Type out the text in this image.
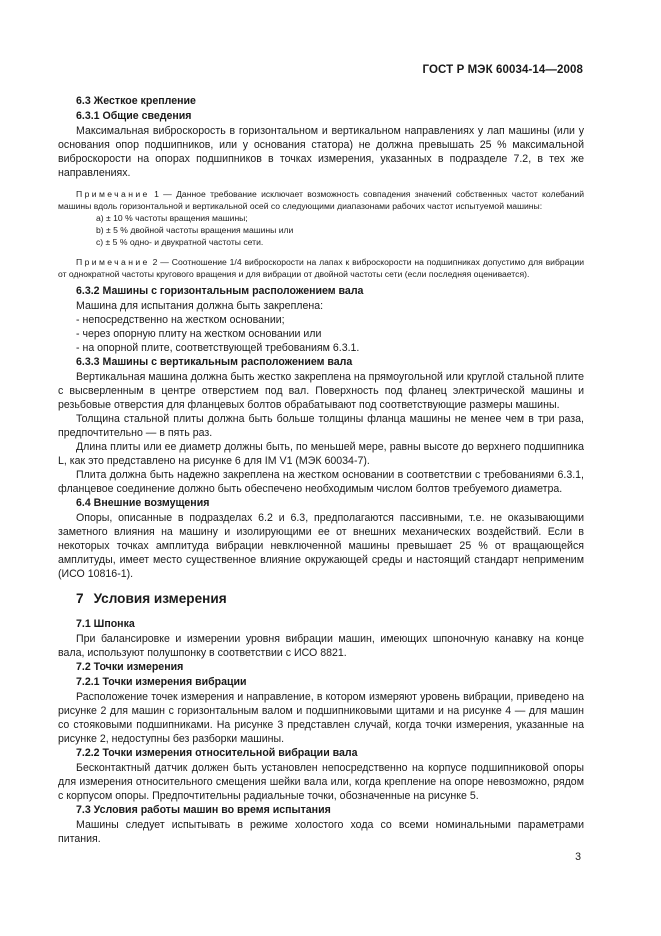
ГОСТ Р МЭК 60034-14—2008
6.3 Жесткое крепление
6.3.1 Общие сведения
Максимальная виброскорость в горизонтальном и вертикальном направлениях у лап машины (или у основания опор подшипников, или у основания статора) не должна превышать 25 % максимальной виброскорости на опорах подшипников в точках измерения, указанных в подразделе 7.2, в тех же направлениях.
Примечание 1 — Данное требование исключает возможность совпадения значений собственных частот колебаний машины вдоль горизонтальной и вертикальной осей со следующими диапазонами рабочих частот испытуемой машины:
a) ± 10 % частоты вращения машины;
b) ± 5 % двойной частоты вращения машины или
c) ± 5 % одно- и двукратной частоты сети.
Примечание 2 — Соотношение 1/4 виброскорости на лапах к виброскорости на подшипниках допустимо для вибрации от однократной частоты кругового вращения и для вибрации от двойной частоты сети (если последняя оценивается).
6.3.2 Машины с горизонтальным расположением вала
Машина для испытания должна быть закреплена:
- непосредственно на жестком основании;
- через опорную плиту на жестком основании или
- на опорной плите, соответствующей требованиям 6.3.1.
6.3.3 Машины с вертикальным расположением вала
Вертикальная машина должна быть жестко закреплена на прямоугольной или круглой стальной плите с высверленным в центре отверстием под вал. Поверхность под фланец электрической машины и резьбовые отверстия для фланцевых болтов обрабатывают под соответствующие размеры машины.
Толщина стальной плиты должна быть больше толщины фланца машины не менее чем в три раза, предпочтительно — в пять раз.
Длина плиты или ее диаметр должны быть, по меньшей мере, равны высоте до верхнего подшипника L, как это представлено на рисунке 6 для IM V1 (МЭК 60034-7).
Плита должна быть надежно закреплена на жестком основании в соответствии с требованиями 6.3.1, фланцевое соединение должно быть обеспечено необходимым числом болтов требуемого диаметра.
6.4 Внешние возмущения
Опоры, описанные в подразделах 6.2 и 6.3, предполагаются пассивными, т.е. не оказывающими заметного влияния на машину и изолирующими ее от внешних механических воздействий. Если в некоторых точках амплитуда вибрации невключенной машины превышает 25 % от вращающейся амплитуды, имеет место существенное влияние окружающей среды и настоящий стандарт неприменим (ИСО 10816-1).
7 Условия измерения
7.1 Шпонка
При балансировке и измерении уровня вибрации машин, имеющих шпоночную канавку на конце вала, используют полушпонку в соответствии с ИСО 8821.
7.2 Точки измерения
7.2.1 Точки измерения вибрации
Расположение точек измерения и направление, в котором измеряют уровень вибрации, приведено на рисунке 2 для машин с горизонтальным валом и подшипниковыми щитами и на рисунке 4 — для машин со стояковыми подшипниками. На рисунке 3 представлен случай, когда точки измерения, указанные на рисунке 2, недоступны без разборки машины.
7.2.2 Точки измерения относительной вибрации вала
Бесконтактный датчик должен быть установлен непосредственно на корпусе подшипниковой опоры для измерения относительного смещения шейки вала или, когда крепление на опоре невозможно, рядом с корпусом опоры. Предпочтительны радиальные точки, обозначенные на рисунке 5.
7.3 Условия работы машин во время испытания
Машины следует испытывать в режиме холостого хода со всеми номинальными параметрами питания.
3
